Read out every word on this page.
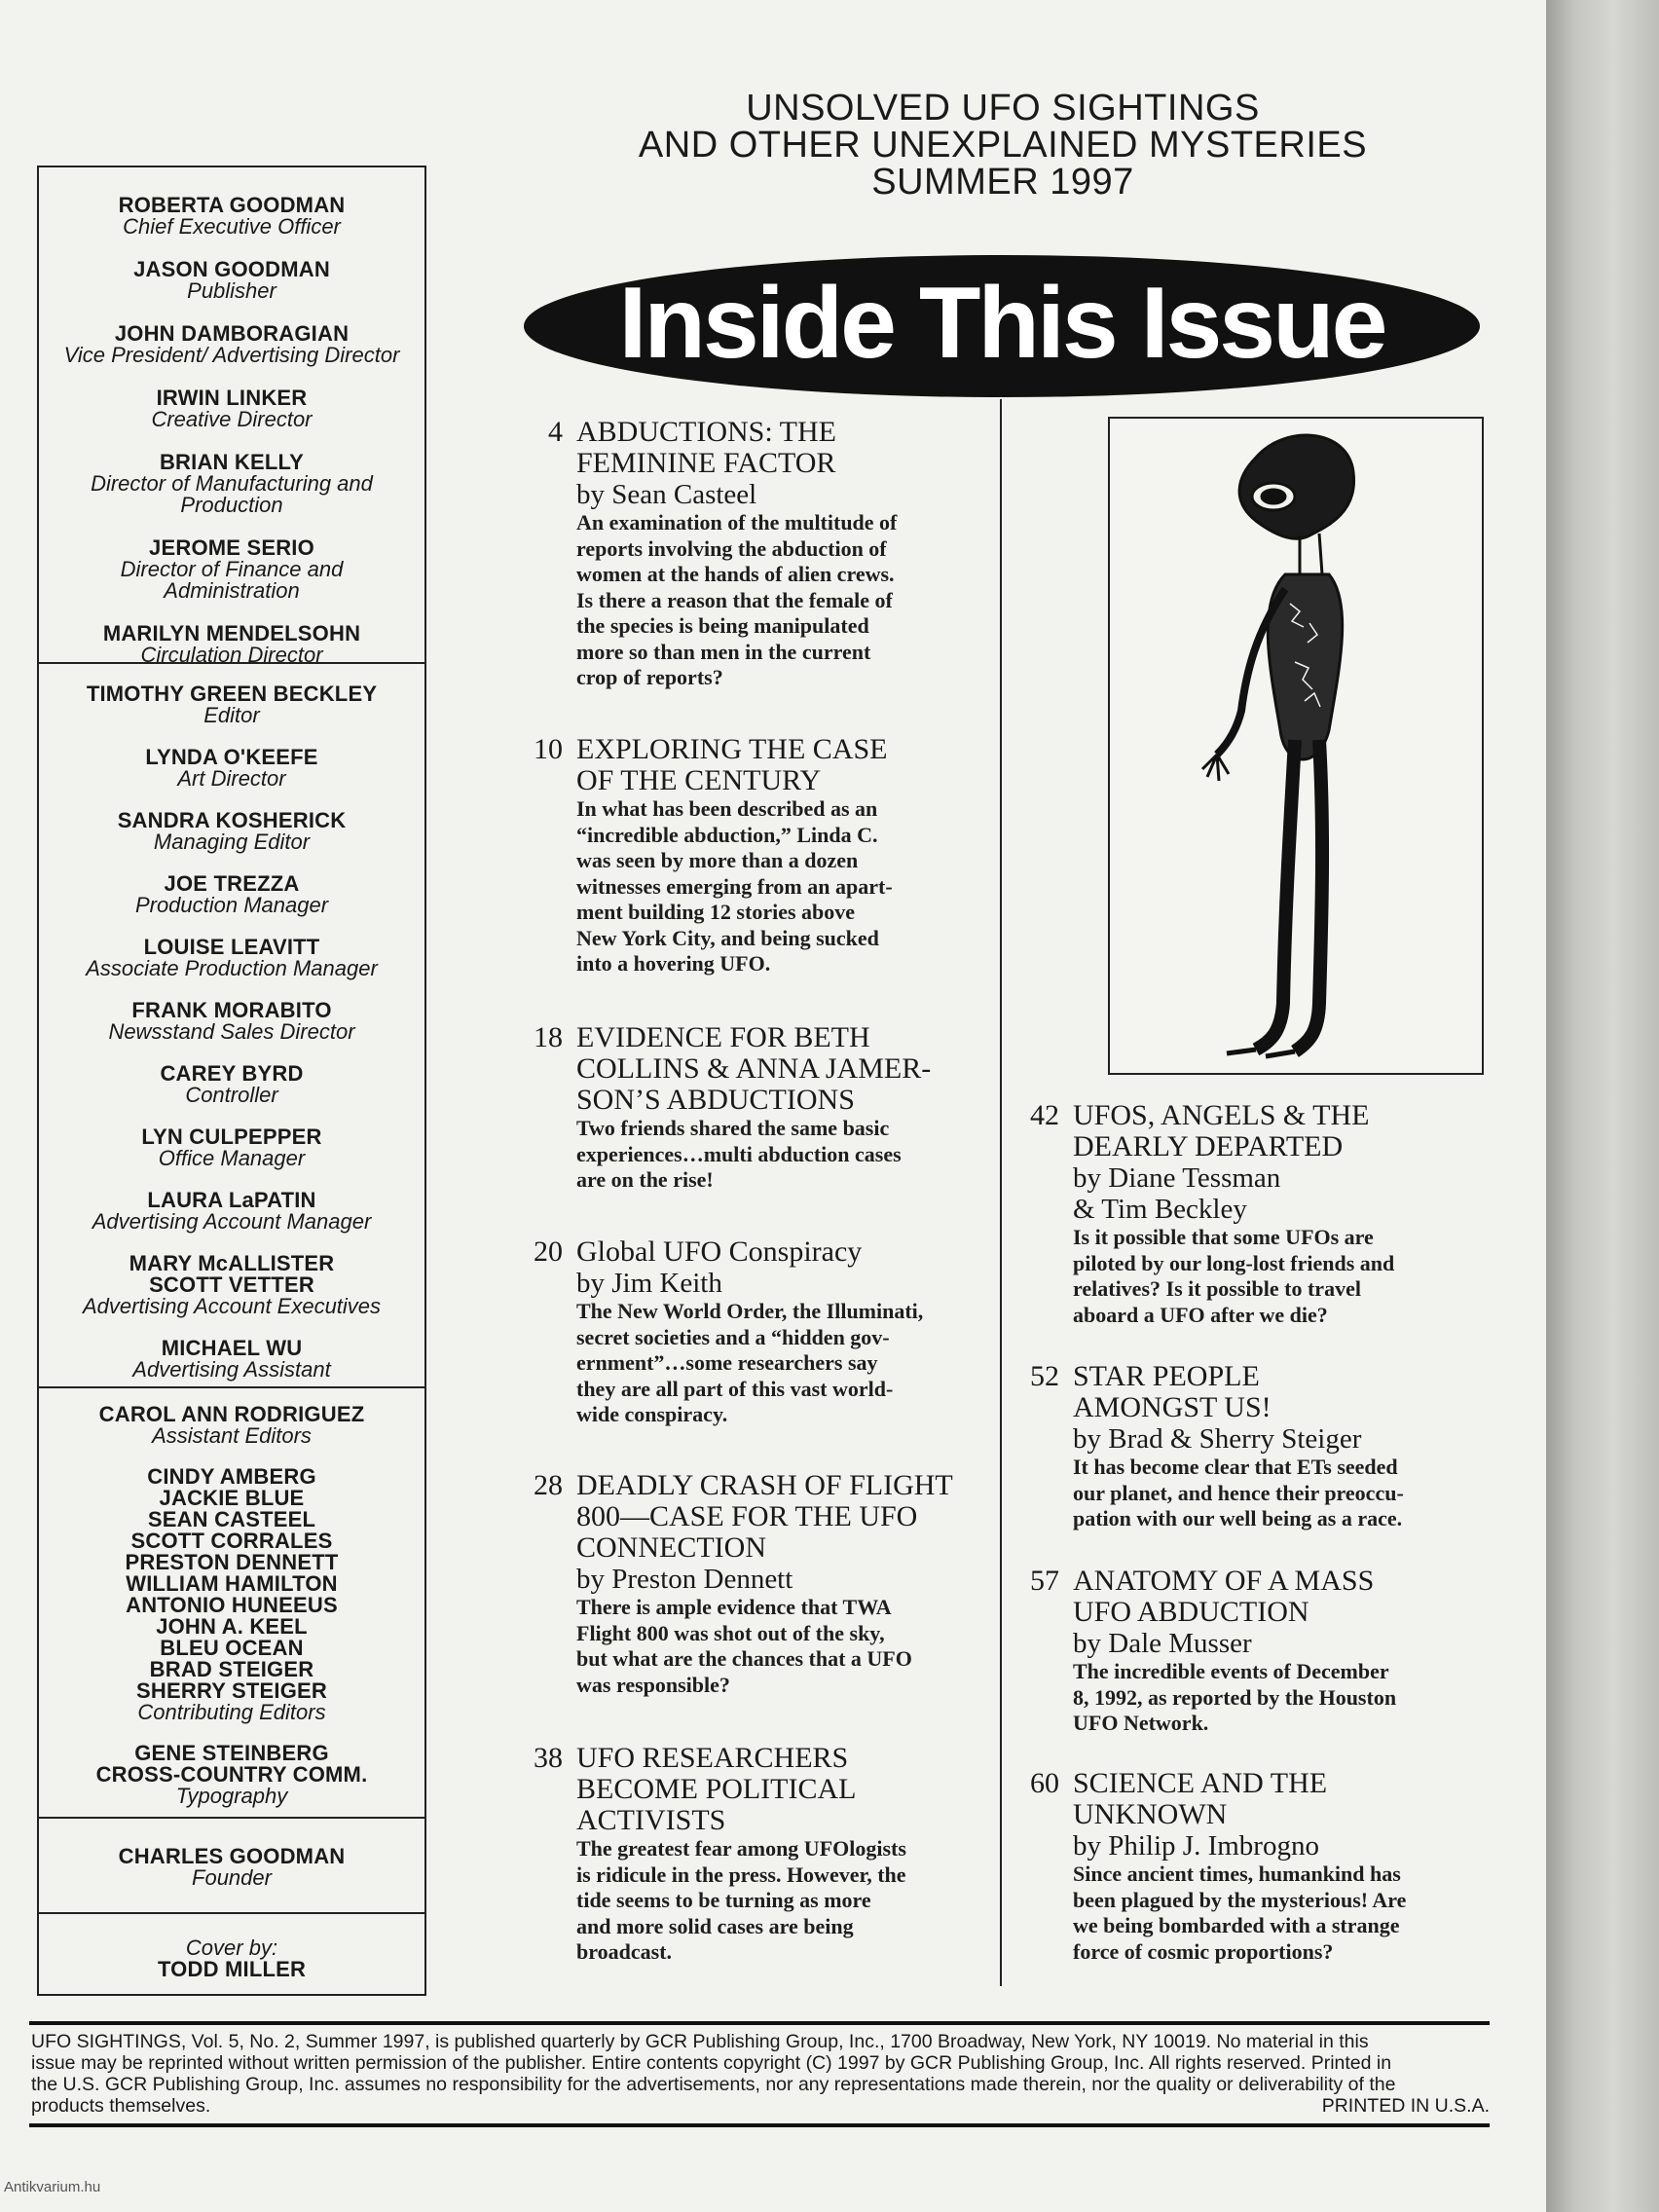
ROBERTA GOODMAN
Chief Executive Officer
JASON GOODMAN
Publisher
JOHN DAMBORAGIAN
Vice President/ Advertising Director
IRWIN LINKER
Creative Director
BRIAN KELLY
Director of Manufacturing and
Production
JEROME SERIO
Director of Finance and
Administration
MARILYN MENDELSOHN
Circulation Director
TIMOTHY GREEN BECKLEY
Editor
LYNDA O'KEEFE
Art Director
SANDRA KOSHERICK
Managing Editor
JOE TREZZA
Production Manager
LOUISE LEAVITT
Associate Production Manager
FRANK MORABITO
Newsstand Sales Director
CAREY BYRD
Controller
LYN CULPEPPER
Office Manager
LAURA LaPATIN
Advertising Account Manager
MARY McALLISTER
SCOTT VETTER
Advertising Account Executives
MICHAEL WU
Advertising Assistant
CAROL ANN RODRIGUEZ
Assistant Editors
CINDY AMBERG
JACKIE BLUE
SEAN CASTEEL
SCOTT CORRALES
PRESTON DENNETT
WILLIAM HAMILTON
ANTONIO HUNEEUS
JOHN A. KEEL
BLEU OCEAN
BRAD STEIGER
SHERRY STEIGER
Contributing Editors
GENE STEINBERG
CROSS-COUNTRY COMM.
Typography
CHARLES GOODMAN
Founder
Cover by:
TODD MILLER
UNSOLVED UFO SIGHTINGS
AND OTHER UNEXPLAINED MYSTERIES
SUMMER 1997
Inside This Issue
4 ABDUCTIONS: THE
FEMININE FACTOR
by Sean Casteel
An examination of the multitude of
reports involving the abduction of
women at the hands of alien crews.
Is there a reason that the female of
the species is being manipulated
more so than men in the current
crop of reports?
10 EXPLORING THE CASE
OF THE CENTURY
In what has been described as an
“incredible abduction,” Linda C.
was seen by more than a dozen
witnesses emerging from an apart-
ment building 12 stories above
New York City, and being sucked
into a hovering UFO.
18 EVIDENCE FOR BETH
COLLINS & ANNA JAMER-
SON’S ABDUCTIONS
Two friends shared the same basic
experiences…multi abduction cases
are on the rise!
20 Global UFO Conspiracy
by Jim Keith
The New World Order, the Illuminati,
secret societies and a “hidden gov-
ernment”…some researchers say
they are all part of this vast world-
wide conspiracy.
28 DEADLY CRASH OF FLIGHT
800—CASE FOR THE UFO
CONNECTION
by Preston Dennett
There is ample evidence that TWA
Flight 800 was shot out of the sky,
but what are the chances that a UFO
was responsible?
38 UFO RESEARCHERS
BECOME POLITICAL
ACTIVISTS
The greatest fear among UFOlogists
is ridicule in the press. However, the
tide seems to be turning as more
and more solid cases are being
broadcast.
42 UFOS, ANGELS & THE
DEARLY DEPARTED
by Diane Tessman
& Tim Beckley
Is it possible that some UFOs are
piloted by our long-lost friends and
relatives? Is it possible to travel
aboard a UFO after we die?
52 STAR PEOPLE
AMONGST US!
by Brad & Sherry Steiger
It has become clear that ETs seeded
our planet, and hence their preoccu-
pation with our well being as a race.
57 ANATOMY OF A MASS
UFO ABDUCTION
by Dale Musser
The incredible events of December
8, 1992, as reported by the Houston
UFO Network.
60 SCIENCE AND THE
UNKNOWN
by Philip J. Imbrogno
Since ancient times, humankind has
been plagued by the mysterious! Are
we being bombarded with a strange
force of cosmic proportions?
UFO SIGHTINGS, Vol. 5, No. 2, Summer 1997, is published quarterly by GCR Publishing Group, Inc., 1700 Broadway, New York, NY 10019. No material in this
issue may be reprinted without written permission of the publisher. Entire contents copyright (C) 1997 by GCR Publishing Group, Inc. All rights reserved. Printed in
the U.S. GCR Publishing Group, Inc. assumes no responsibility for the advertisements, nor any representations made therein, nor the quality or deliverability of the
products themselves.	PRINTED IN U.S.A.
Antikvarium.hu
